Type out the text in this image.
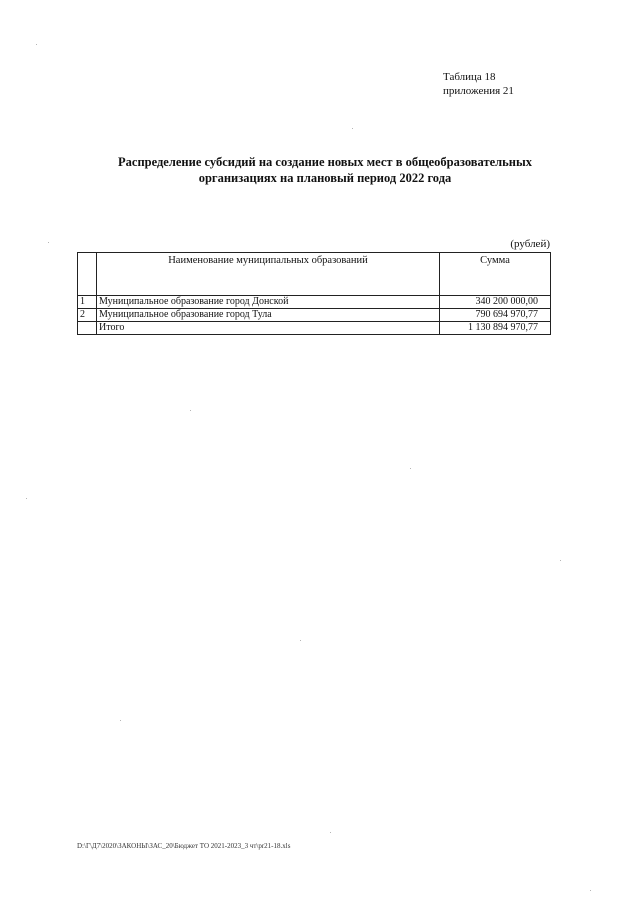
Таблица 18
приложения 21
Распределение субсидий на создание новых мест в общеобразовательных
организациях на плановый период 2022 года
(рублей)
	Наименование муниципальных образований	Сумма
1	Муниципальное образование город Донской	340 200 000,00
2	Муниципальное образование город Тула	790 694 970,77
	Итого	1 130 894 970,77
D:\Г\Д7\2020\ЗАКОНЫ\ЗАС_20\Бюджет ТО 2021-2023_3 чт\pr21-18.xls
